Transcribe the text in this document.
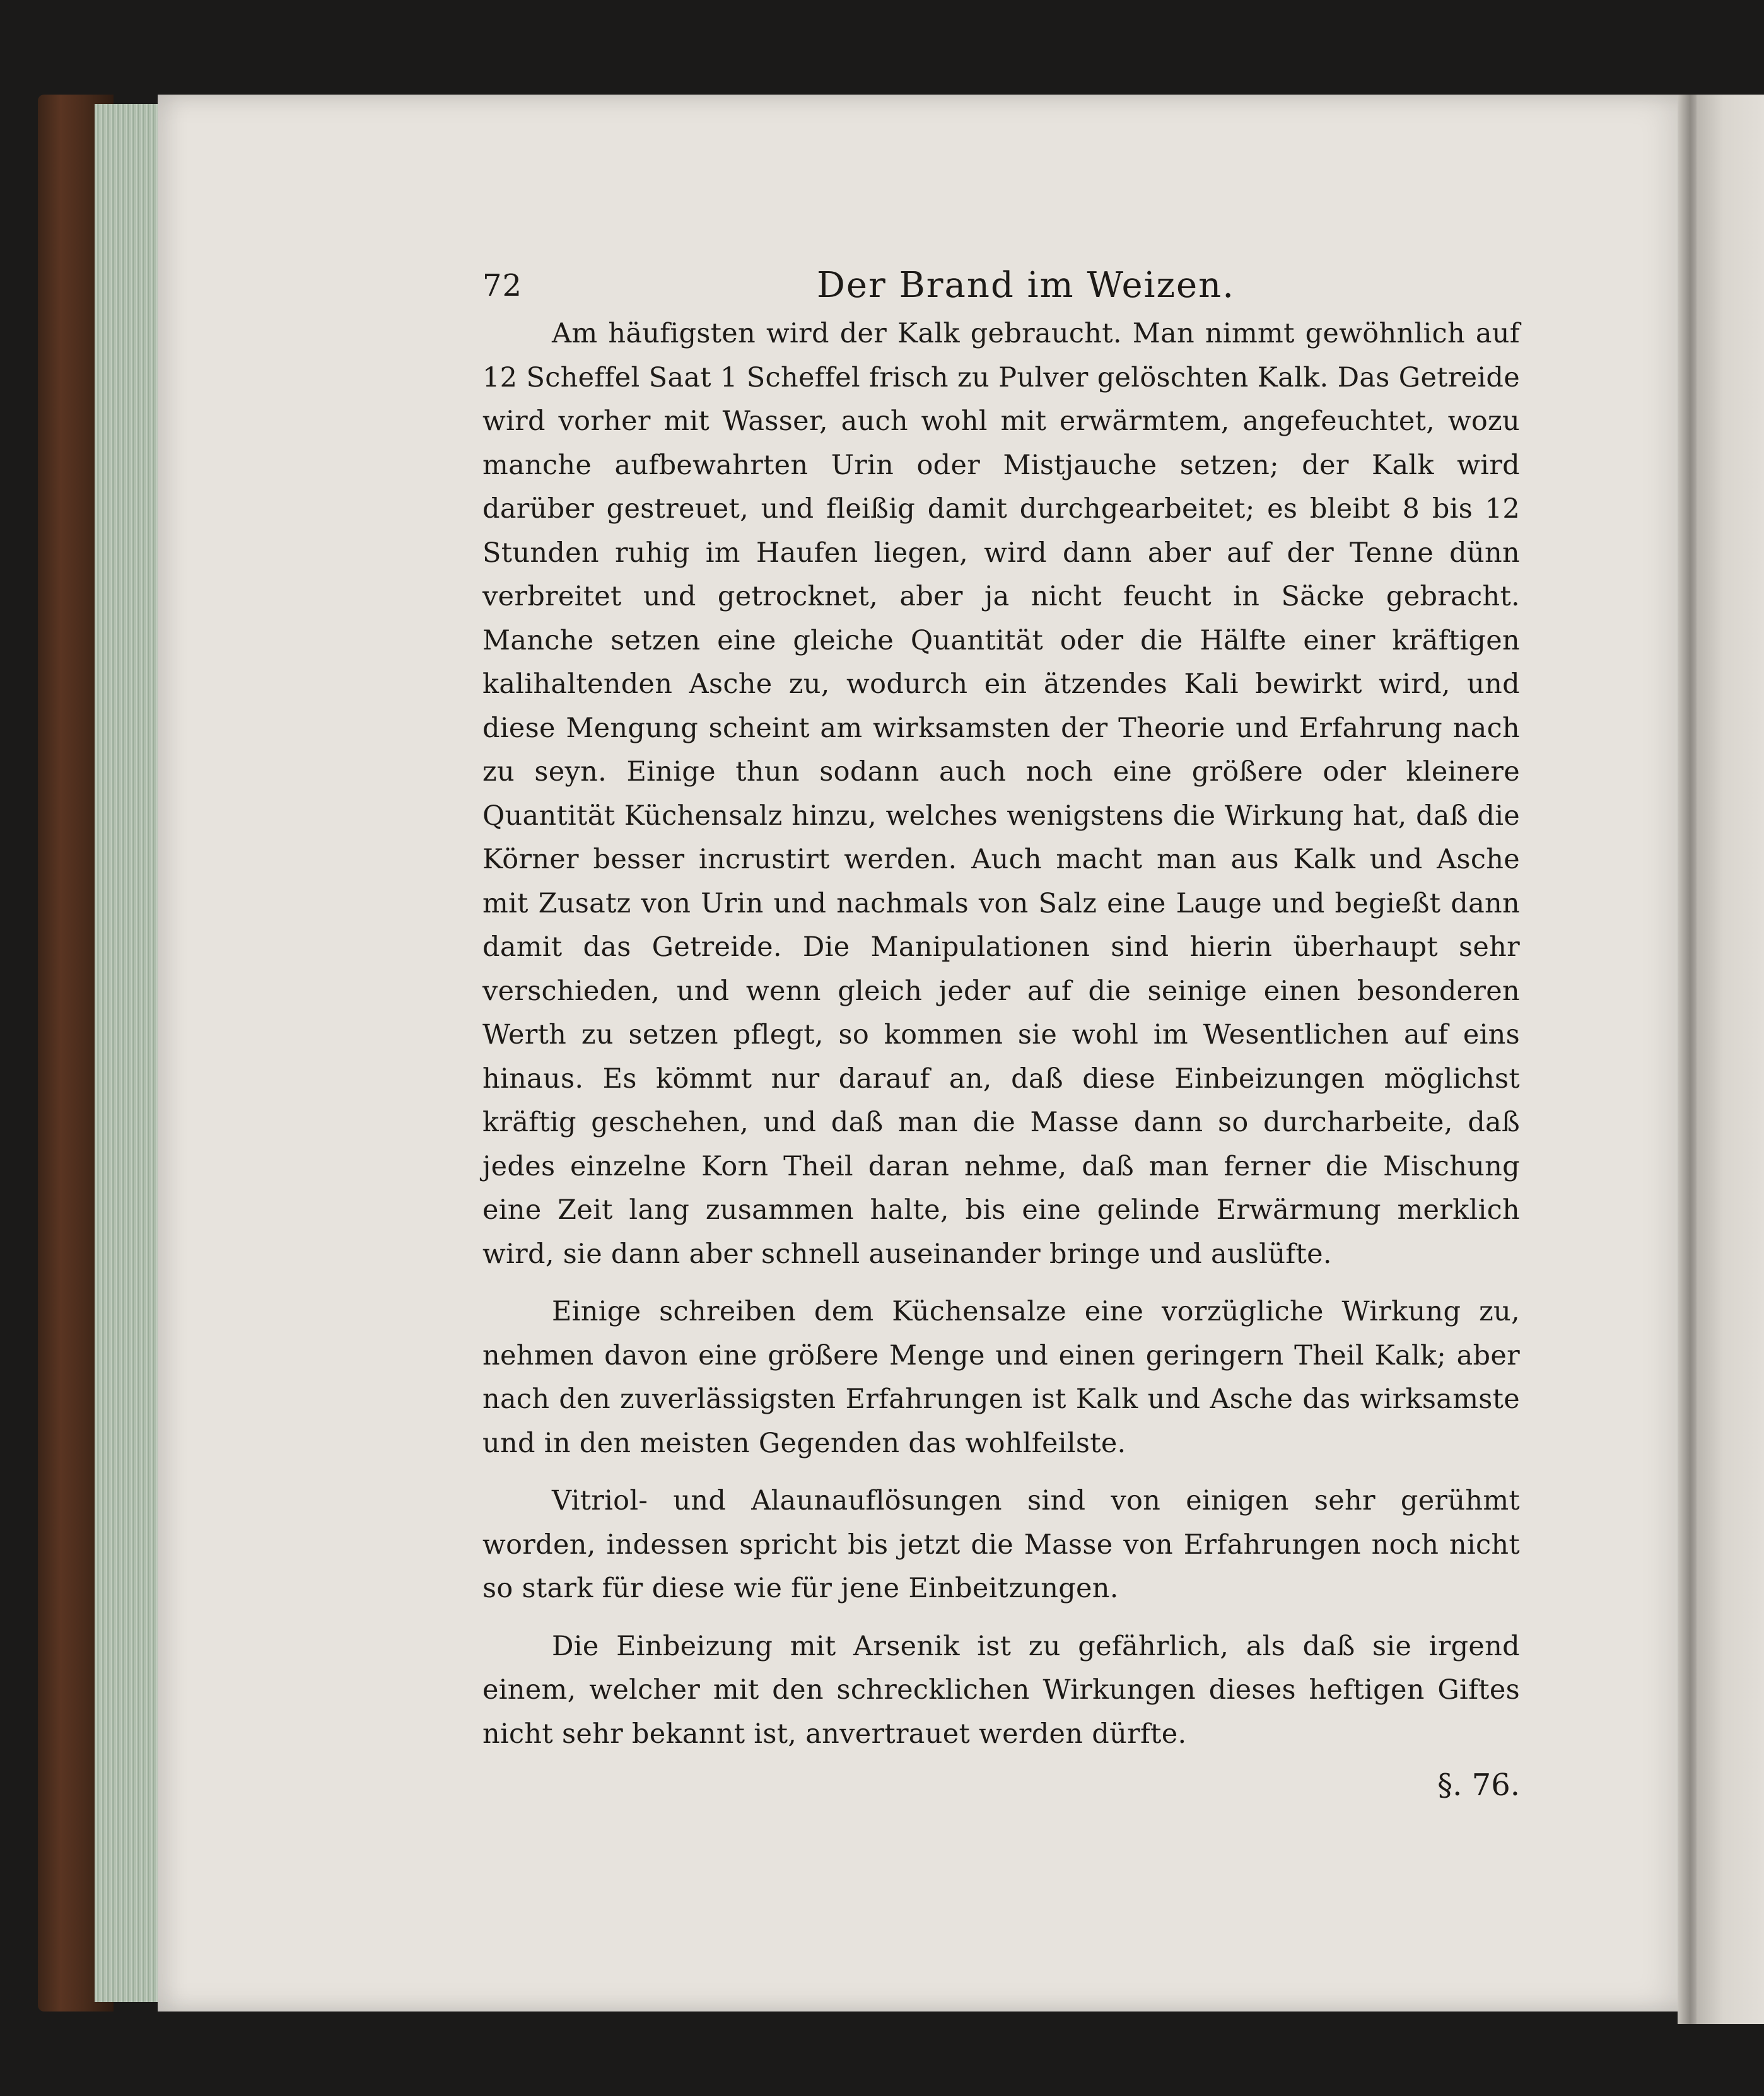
72	Der Brand im Weizen.

Am häufigsten wird der Kalk gebraucht. Man nimmt gewöhnlich auf 12 Scheffel Saat 1 Scheffel frisch zu Pulver gelöschten Kalk. Das Getreide wird vorher mit Wasser, auch wohl mit erwärmtem, angefeuchtet, wozu manche aufbewahrten Urin oder Mistjauche setzen; der Kalk wird darüber gestreuet, und fleißig damit durchgearbeitet; es bleibt 8 bis 12 Stunden ruhig im Haufen liegen, wird dann aber auf der Tenne dünn verbreitet und getrocknet, aber ja nicht feucht in Säcke gebracht. Manche setzen eine gleiche Quantität oder die Hälfte einer kräftigen kalihaltenden Asche zu, wodurch ein ätzendes Kali bewirkt wird, und diese Mengung scheint am wirksamsten der Theorie und Erfahrung nach zu seyn. Einige thun sodann auch noch eine größere oder kleinere Quantität Küchensalz hinzu, welches wenigstens die Wirkung hat, daß die Körner besser incrustirt werden. Auch macht man aus Kalk und Asche mit Zusatz von Urin und nachmals von Salz eine Lauge und begießt dann damit das Getreide. Die Manipulationen sind hierin überhaupt sehr verschieden, und wenn gleich jeder auf die seinige einen besonderen Werth zu setzen pflegt, so kommen sie wohl im Wesentlichen auf eins hinaus. Es kömmt nur darauf an, daß diese Einbeizungen möglichst kräftig geschehen, und daß man die Masse dann so durcharbeite, daß jedes einzelne Korn Theil daran nehme, daß man ferner die Mischung eine Zeit lang zusammen halte, bis eine gelinde Erwärmung merklich wird, sie dann aber schnell auseinander bringe und auslüfte.

Einige schreiben dem Küchensalze eine vorzügliche Wirkung zu, nehmen davon eine größere Menge und einen geringern Theil Kalk; aber nach den zuverlässigsten Erfahrungen ist Kalk und Asche das wirksamste und in den meisten Gegenden das wohlfeilste.

Vitriol- und Alaunauflösungen sind von einigen sehr gerühmt worden, indessen spricht bis jetzt die Masse von Erfahrungen noch nicht so stark für diese wie für jene Einbeitzungen.

Die Einbeizung mit Arsenik ist zu gefährlich, als daß sie irgend einem, welcher mit den schrecklichen Wirkungen dieses heftigen Giftes nicht sehr bekannt ist, anvertrauet werden dürfte.

§. 76.
